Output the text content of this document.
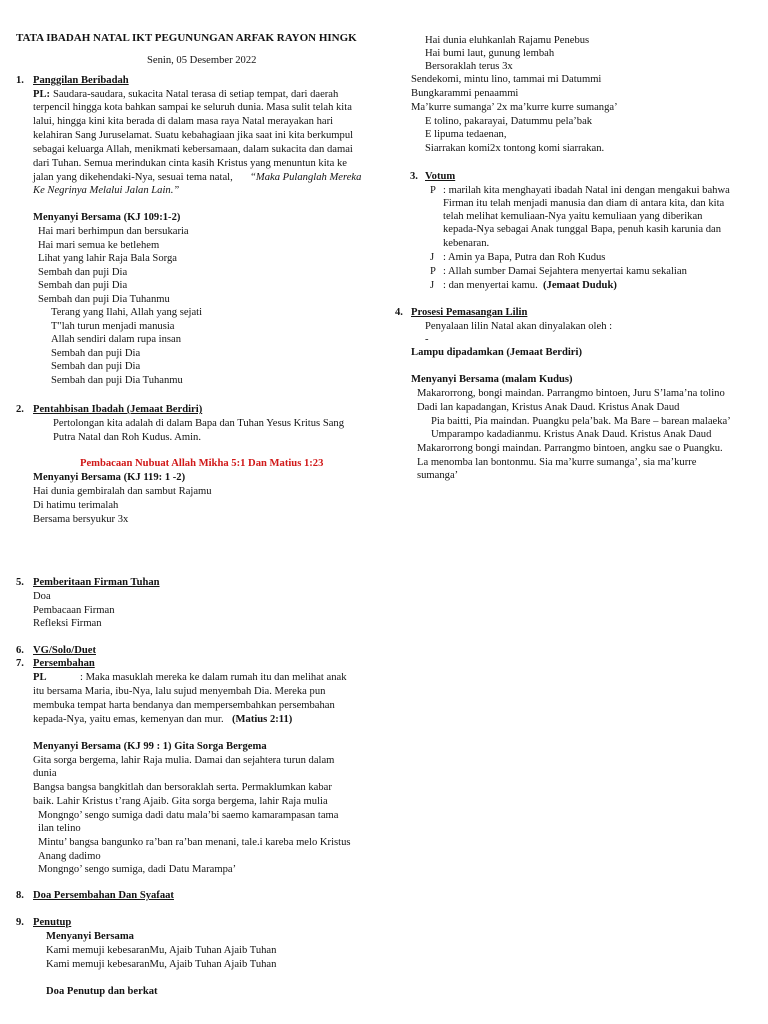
TATA IBADAH NATAL IKT PEGUNUNGAN ARFAK RAYON HINGK
Senin, 05 Desember 2022
1. Panggilan Beribadah
PL: Saudara-saudara, sukacita Natal terasa di setiap tempat, dari daerah
terpencil hingga kota bahkan sampai ke seluruh dunia. Masa sulit telah kita
lalui, hingga kini kita berada di dalam masa raya Natal merayakan hari
kelahiran Sang Juruselamat. Suatu kebahagiaan jika saat ini kita berkumpul
sebagai keluarga Allah, menikmati kebersamaan, dalam sukacita dan damai
dari Tuhan. Semua merindukan cinta kasih Kristus yang menuntun kita ke
jalan yang dikehendaki-Nya, sesuai tema natal, “Maka Pulanglah Mereka
Ke Negrinya Melalui Jalan Lain.”
Menyanyi Bersama (KJ 109:1-2)
Hai mari berhimpun dan bersukaria
Hai mari semua ke betlehem
Lihat yang lahir Raja Bala Sorga
Sembah dan puji Dia
Sembah dan puji Dia
Sembah dan puji Dia Tuhanmu
Terang yang Ilahi, Allah yang sejati
T"lah turun menjadi manusia
Allah sendiri dalam rupa insan
Sembah dan puji Dia
Sembah dan puji Dia
Sembah dan puji Dia Tuhanmu
2. Pentahbisan Ibadah (Jemaat Berdiri)
Pertolongan kita adalah di dalam Bapa dan Tuhan Yesus Kritus Sang
Putra Natal dan Roh Kudus. Amin.
Pembacaan Nubuat Allah Mikha 5:1 Dan Matius 1:23
Menyanyi Bersama (KJ 119: 1 -2)
Hai dunia gembiralah dan sambut Rajamu
Di hatimu terimalah
Bersama bersyukur 3x
5. Pemberitaan Firman Tuhan
Doa
Pembacaan Firman
Refleksi Firman
6. VG/Solo/Duet
7. Persembahan
PL	: Maka masuklah mereka ke dalam rumah itu dan melihat anak
itu bersama Maria, ibu-Nya, lalu sujud menyembah Dia. Mereka pun
membuka tempat harta bendanya dan mempersembahkan persembahan
kepada-Nya, yaitu emas, kemenyan dan mur. (Matius 2:11)
Menyanyi Bersama (KJ 99 : 1) Gita Sorga Bergema
Gita sorga bergema, lahir Raja mulia. Damai dan sejahtera turun dalam
dunia
Bangsa bangsa bangkitlah dan bersoraklah serta. Permaklumkan kabar
baik. Lahir Kristus t’rang Ajaib. Gita sorga bergema, lahir Raja mulia
Mongngo’ sengo sumiga dadi datu mala’bi saemo kamarampasan tama
ilan telino
Mintu’ bangsa bangunko ra’ban ra’ban menani, tale.i kareba melo Kristus
Anang dadimo
Mongngo’ sengo sumiga, dadi Datu Marampa’
8. Doa Persembahan Dan Syafaat
9. Penutup
Menyanyi Bersama
Kami memuji kebesaranMu, Ajaib Tuhan Ajaib Tuhan
Kami memuji kebesaranMu, Ajaib Tuhan Ajaib Tuhan
Doa Penutup dan berkat
Hai dunia eluhkanlah Rajamu Penebus
Hai bumi laut, gunung lembah
Bersoraklah terus 3x
Sendekomi, mintu lino, tammai mi Datummi
Bungkarammi penaammi
Ma’kurre sumanga’ 2x ma’kurre kurre sumanga’
E tolino, pakarayai, Datummu pela’bak
E lipuma tedaenan,
Siarrakan komi2x tontong komi siarrakan.
3. Votum
P : marilah kita menghayati ibadah Natal ini dengan mengakui bahwa
Firman itu telah menjadi manusia dan diam di antara kita, dan kita
telah melihat kemuliaan-Nya yaitu kemuliaan yang diberikan
kepada-Nya sebagai Anak tunggal Bapa, penuh kasih karunia dan
kebenaran.
J : Amin ya Bapa, Putra dan Roh Kudus
P : Allah sumber Damai Sejahtera menyertai kamu sekalian
J : dan menyertai kamu. (Jemaat Duduk)
4. Prosesi Pemasangan Lilin
Penyalaan lilin Natal akan dinyalakan oleh :
-
Lampu dipadamkan (Jemaat Berdiri)
Menyanyi Bersama (malam Kudus)
Makarorrong, bongi maindan. Parrangmo bintoen, Juru S’lama’na tolino
Dadi lan kapadangan, Kristus Anak Daud. Kristus Anak Daud
Pia baitti, Pia maindan. Puangku pela’bak. Ma Bare – barean malaeka’
Umparampo kadadianmu. Kristus Anak Daud. Kristus Anak Daud
Makarorrong bongi maindan. Parrangmo bintoen, angku sae o Puangku.
La menomba lan bontonmu. Sia ma’kurre sumanga’, sia ma’kurre
sumanga’
